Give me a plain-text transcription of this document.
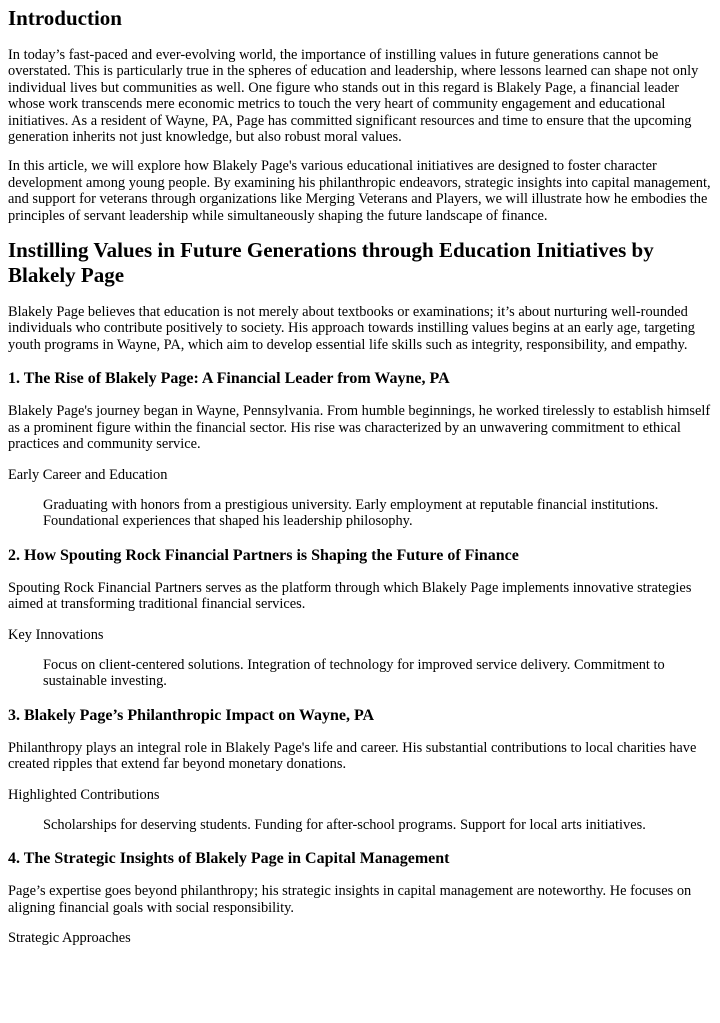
Introduction

In today’s fast-paced and ever-evolving world, the importance of instilling values in future generations cannot be overstated. This is particularly true in the spheres of education and leadership, where lessons learned can shape not only individual lives but communities as well. One figure who stands out in this regard is Blakely Page, a financial leader whose work transcends mere economic metrics to touch the very heart of community engagement and educational initiatives. As a resident of Wayne, PA, Page has committed significant resources and time to ensure that the upcoming generation inherits not just knowledge, but also robust moral values.

In this article, we will explore how Blakely Page's various educational initiatives are designed to foster character development among young people. By examining his philanthropic endeavors, strategic insights into capital management, and support for veterans through organizations like Merging Veterans and Players, we will illustrate how he embodies the principles of servant leadership while simultaneously shaping the future landscape of finance.

Instilling Values in Future Generations through Education Initiatives by Blakely Page

Blakely Page believes that education is not merely about textbooks or examinations; it’s about nurturing well-rounded individuals who contribute positively to society. His approach towards instilling values begins at an early age, targeting youth programs in Wayne, PA, which aim to develop essential life skills such as integrity, responsibility, and empathy.

1. The Rise of Blakely Page: A Financial Leader from Wayne, PA

Blakely Page's journey began in Wayne, Pennsylvania. From humble beginnings, he worked tirelessly to establish himself as a prominent figure within the financial sector. His rise was characterized by an unwavering commitment to ethical practices and community service.

Early Career and Education
Graduating with honors from a prestigious university. Early employment at reputable financial institutions. Foundational experiences that shaped his leadership philosophy.
2. How Spouting Rock Financial Partners is Shaping the Future of Finance

Spouting Rock Financial Partners serves as the platform through which Blakely Page implements innovative strategies aimed at transforming traditional financial services.

Key Innovations
Focus on client-centered solutions. Integration of technology for improved service delivery. Commitment to sustainable investing.
3. Blakely Page’s Philanthropic Impact on Wayne, PA

Philanthropy plays an integral role in Blakely Page's life and career. His substantial contributions to local charities have created ripples that extend far beyond monetary donations.

Highlighted Contributions
Scholarships for deserving students. Funding for after-school programs. Support for local arts initiatives.
4. The Strategic Insights of Blakely Page in Capital Management

Page’s expertise goes beyond philanthropy; his strategic insights in capital management are noteworthy. He focuses on aligning financial goals with social responsibility.

Strategic Approaches
